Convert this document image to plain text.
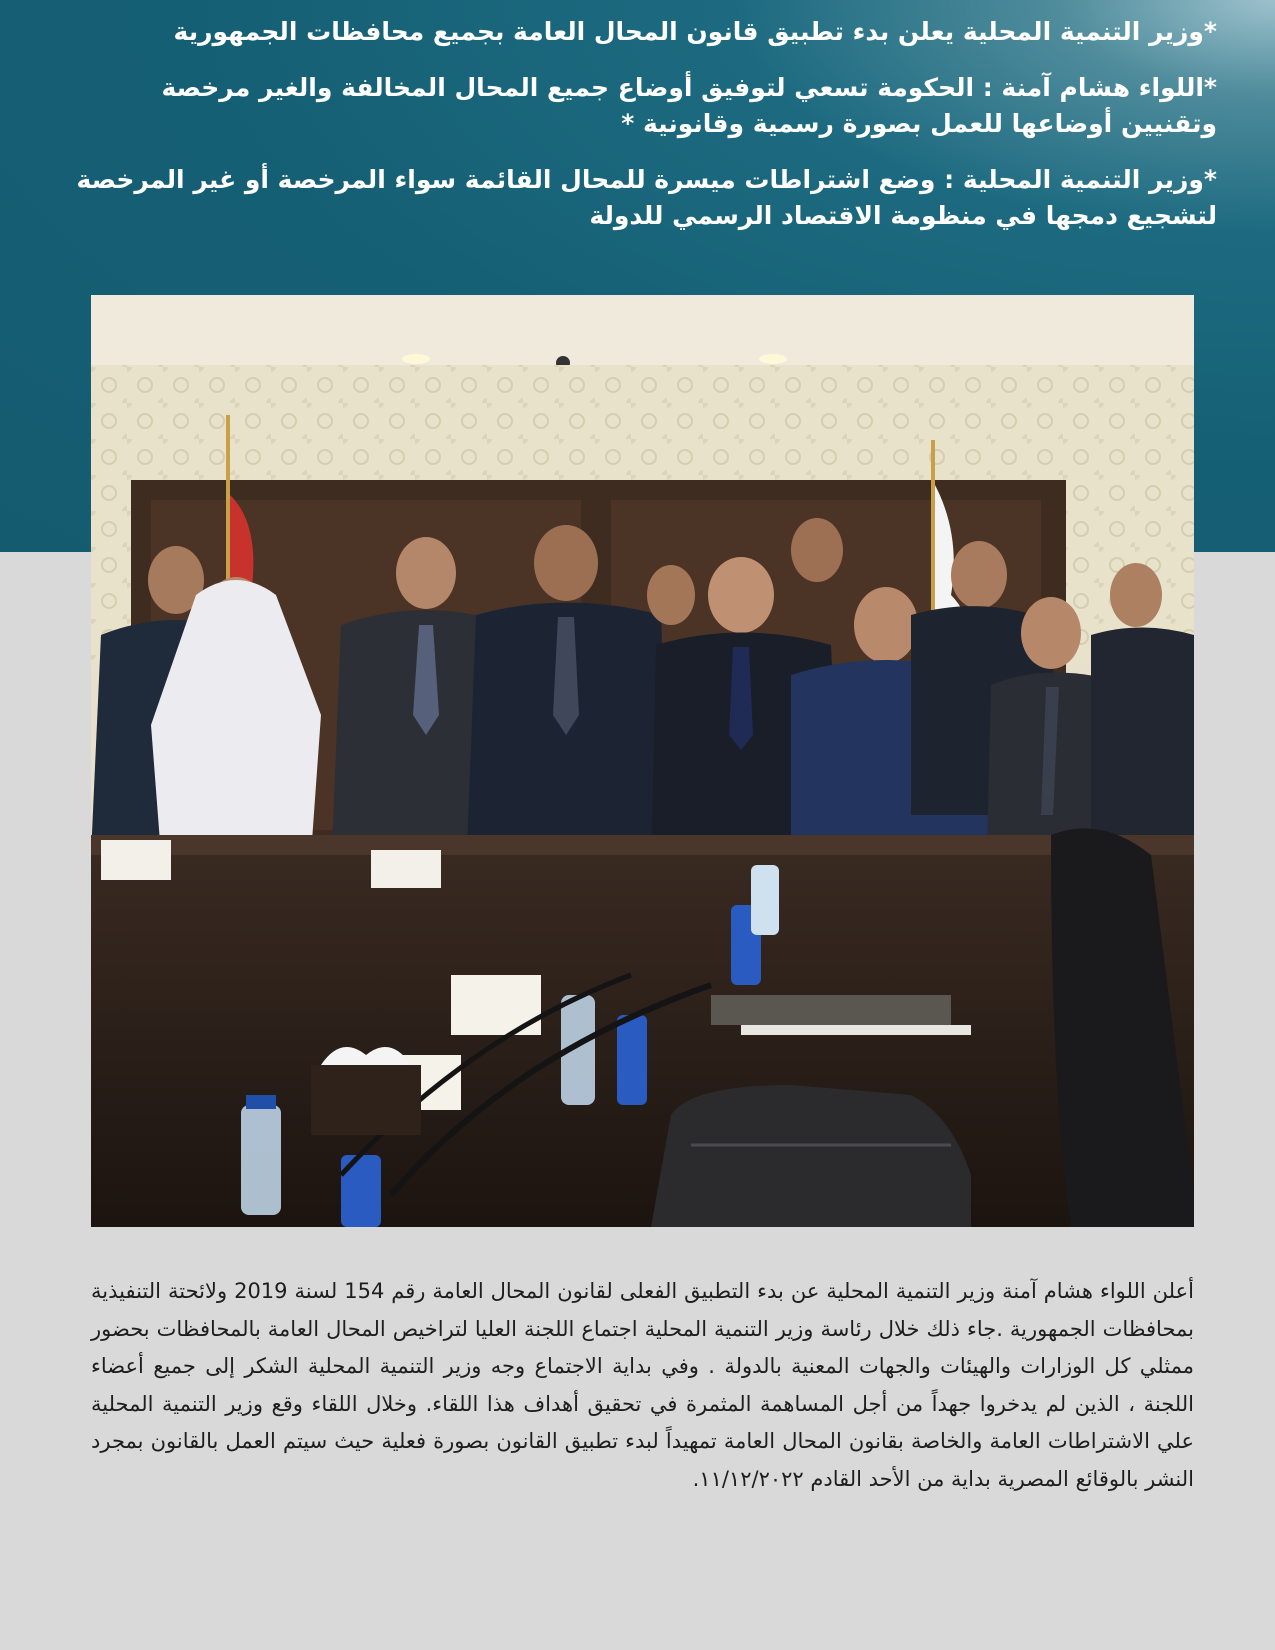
*وزير التنمية المحلية يعلن بدء تطبيق قانون المحال العامة بجميع محافظات الجمهورية

*اللواء هشام آمنة : الحكومة تسعي لتوفيق أوضاع جميع المحال المخالفة والغير مرخصة وتقنيين أوضاعها للعمل بصورة رسمية وقانونية *

*وزير التنمية المحلية : وضع اشتراطات ميسرة للمحال القائمة سواء المرخصة أو غير المرخصة لتشجيع دمجها في منظومة الاقتصاد الرسمي للدولة

أعلن اللواء هشام آمنة وزير التنمية المحلية عن بدء التطبيق الفعلى لقانون المحال العامة رقم 154 لسنة 2019 ولائحتة التنفيذية بمحافظات الجمهورية .جاء ذلك خلال رئاسة وزير التنمية المحلية اجتماع اللجنة العليا لتراخيص المحال العامة بالمحافظات بحضور ممثلي كل الوزارات والهيئات والجهات المعنية بالدولة . وفي بداية الاجتماع وجه وزير التنمية المحلية الشكر إلى جميع أعضاء اللجنة ، الذين لم يدخروا جهداً من أجل المساهمة المثمرة في تحقيق أهداف هذا اللقاء. وخلال اللقاء وقع وزير التنمية المحلية علي الاشتراطات العامة والخاصة بقانون المحال العامة تمهيداً لبدء تطبيق القانون بصورة فعلية حيث سيتم العمل بالقانون بمجرد النشر بالوقائع المصرية بداية من الأحد القادم ١١/١٢/٢٠٢٢.
